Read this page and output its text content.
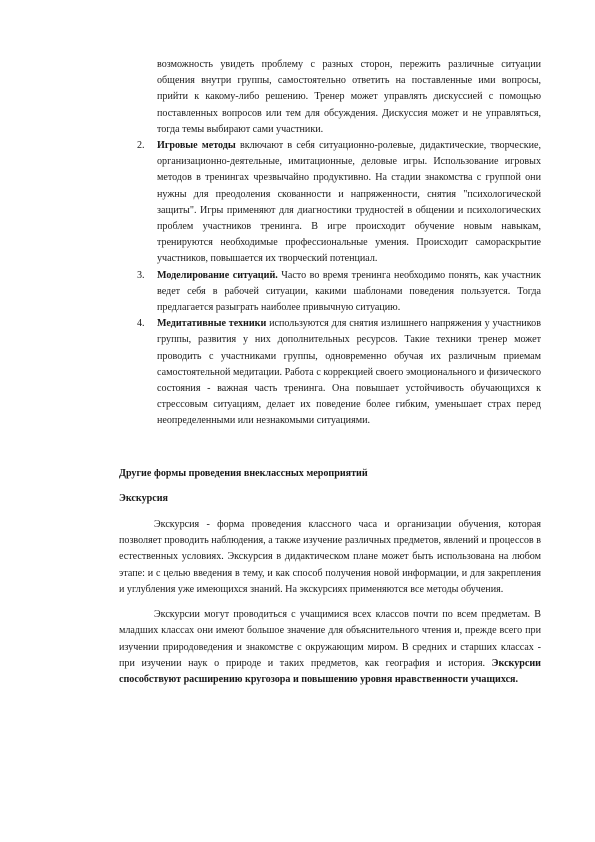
возможность увидеть проблему с разных сторон, пережить различные ситуации общения внутри группы, самостоятельно ответить на поставленные ими вопросы, прийти к какому-либо решению. Тренер может управлять дискуссией с помощью поставленных вопросов или тем для обсуждения. Дискуссия может и не управляться, тогда темы выбирают сами участники.
2. Игровые методы включают в себя ситуационно-ролевые, дидактические, творческие, организационно-деятельные, имитационные, деловые игры. Использование игровых методов в тренингах чрезвычайно продуктивно. На стадии знакомства с группой они нужны для преодоления скованности и напряженности, снятия "психологической защиты". Игры применяют для диагностики трудностей в общении и психологических проблем участников тренинга. В игре происходит обучение новым навыкам, тренируются необходимые профессиональные умения. Происходит самораскрытие участников, повышается их творческий потенциал.
3. Моделирование ситуаций. Часто во время тренинга необходимо понять, как участник ведет себя в рабочей ситуации, какими шаблонами поведения пользуется. Тогда предлагается разыграть наиболее привычную ситуацию.
4. Медитативные техники используются для снятия излишнего напряжения у участников группы, развития у них дополнительных ресурсов. Такие техники тренер может проводить с участниками группы, одновременно обучая их различным приемам самостоятельной медитации. Работа с коррекцией своего эмоционального и физического состояния - важная часть тренинга. Она повышает устойчивость обучающихся к стрессовым ситуациям, делает их поведение более гибким, уменьшает страх перед неопределенными или незнакомыми ситуациями.

Другие формы проведения внеклассных мероприятий

Экскурсия

Экскурсия - форма проведения классного часа и организации обучения, которая позволяет проводить наблюдения, а также изучение различных предметов, явлений и процессов в естественных условиях. Экскурсия в дидактическом плане может быть использована на любом этапе: и с целью введения в тему, и как способ получения новой информации, и для закрепления и углубления уже имеющихся знаний. На экскурсиях применяются все методы обучения.

Экскурсии могут проводиться с учащимися всех классов почти по всем предметам. В младших классах они имеют большое значение для объяснительного чтения и, прежде всего при изучении природоведения и знакомстве с окружающим миром. В средних и старших классах - при изучении наук о природе и таких предметов, как география и история. Экскурсии способствуют расширению кругозора и повышению уровня нравственности учащихся.
